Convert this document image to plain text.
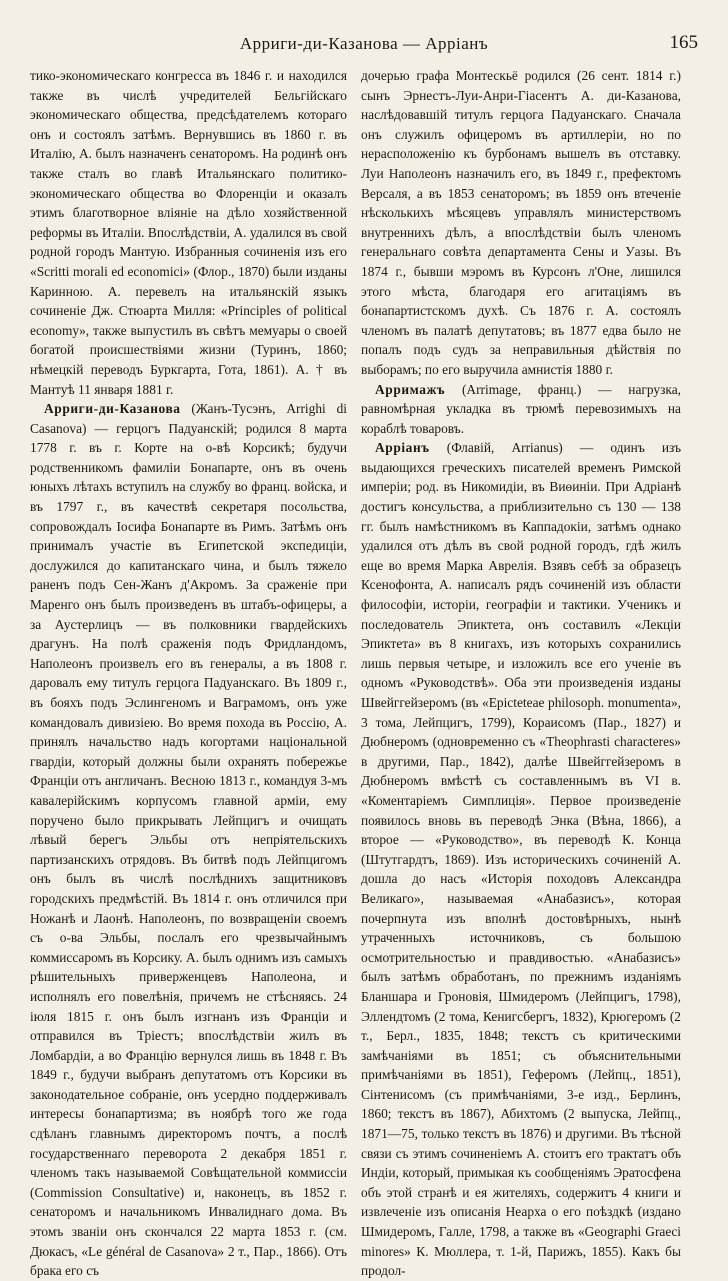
Арриги-ди-Казанова — Арріанъ	165

тико-экономическаго конгресса въ 1846 г. и находился также въ числѣ учредителей Бельгійскаго экономическаго общества, предсѣдателемъ котораго онъ и состоялъ затѣмъ. Вернувшись въ 1860 г. въ Италію, А. былъ назначенъ сенаторомъ. На родинѣ онъ также сталъ во главѣ Итальянскаго политико-экономическаго общества во Флоренціи и оказалъ этимъ благотворное вліяніе на дѣло хозяйственной реформы въ Италіи. Впослѣдствіи, А. удалился въ свой родной городъ Мантую. Избранныя сочиненія изъ его «Scritti morali ed economici» (Флор., 1870) были изданы Каринною. А. перевелъ на итальянскій языкъ сочиненіе Дж. Стюарта Милля: «Principles of political economy», также выпустилъ въ свѣтъ мемуары о своей богатой происшествіями жизни (Туринъ, 1860; нѣмецкій переводъ Буркгарта, Гота, 1861). А. † въ Мантуѣ 11 января 1881 г.

Арриги-ди-Казанова (Жанъ-Тусэнъ, Arrighi di Casanova) — герцогъ Падуанскій; родился 8 марта 1778 г. въ г. Корте на о-вѣ Корсикѣ; будучи родственникомъ фамиліи Бонапарте, онъ въ очень юныхъ лѣтахъ вступилъ на службу во франц. войска, и въ 1797 г., въ качествѣ секретаря посольства, сопровождалъ Іосифа Бонапарте въ Римъ. Затѣмъ онъ принималъ участіе въ Египетской экспедиціи, дослужился до капитанскаго чина, и былъ тяжело раненъ подъ Сен-Жанъ д'Акромъ. За сраженіе при Маренго онъ былъ произведенъ въ штабъ-офицеры, а за Аустерлицъ — въ полковники гвардейскихъ драгунъ. На полѣ сраженія подъ Фридландомъ, Наполеонъ произвелъ его въ генералы, а въ 1808 г. даровалъ ему титулъ герцога Падуанскаго. Въ 1809 г., въ бояхъ подъ Эслингеномъ и Ваграмомъ, онъ уже командовалъ дивизіею. Во время похода въ Россію, А. принялъ начальство надъ когортами національной гвардіи, который должны были охранять побережье Франціи отъ англичанъ. Весною 1813 г., командуя 3-мъ кавалерійскимъ корпусомъ главной арміи, ему поручено было прикрывать Лейпцигъ и очищать лѣвый берегъ Эльбы отъ непріятельскихъ партизанскихъ отрядовъ. Въ битвѣ подъ Лейпцигомъ онъ былъ въ числѣ послѣднихъ защитниковъ городскихъ предмѣстій. Въ 1814 г. онъ отличился при Ножанѣ и Лаонѣ. Наполеонъ, по возвращеніи своемъ съ о-ва Эльбы, послалъ его чрезвычайнымъ коммиссаромъ въ Корсику. А. былъ однимъ изъ самыхъ рѣшительныхъ приверженцевъ Наполеона, и исполнялъ его повелѣнія, причемъ не стѣсняясь. 24 іюля 1815 г. онъ былъ изгнанъ изъ Франціи и отправился въ Тріестъ; впослѣдствіи жилъ въ Ломбардіи, а во Францію вернулся лишь въ 1848 г. Въ 1849 г., будучи выбранъ депутатомъ отъ Корсики въ законодательное собраніе, онъ усердно поддерживалъ интересы бонапартизма; въ ноябрѣ того же года сдѣланъ главнымъ директоромъ почтъ, а послѣ государственнаго переворота 2 декабря 1851 г. членомъ такъ называемой Совѣщательной коммиссіи (Commission Consultative) и, наконецъ, въ 1852 г. сенаторомъ и начальникомъ Инвалиднаго дома. Въ этомъ званіи онъ скончался 22 марта 1853 г. (см. Дюкасъ, «Le général de Casanova» 2 т., Пар., 1866). Отъ брака его съ

дочерью графа Монтескьё родился (26 сент. 1814 г.) сынъ Эрнестъ-Луи-Анри-Гіасентъ А. ди-Казанова, наслѣдовавшій титулъ герцога Падуанскаго. Сначала онъ служилъ офицеромъ въ артиллеріи, но по нерасположенію къ бурбонамъ вышелъ въ отставку. Луи Наполеонъ назначилъ его, въ 1849 г., префектомъ Версаля, а въ 1853 сенаторомъ; въ 1859 онъ втеченіе нѣсколькихъ мѣсяцевъ управлялъ министерствомъ внутреннихъ дѣлъ, а впослѣдствіи былъ членомъ генеральнаго совѣта департамента Сены и Уазы. Въ 1874 г., бывши мэромъ въ Курсонъ л'Оне, лишился этого мѣста, благодаря его агитаціямъ въ бонапартистскомъ духѣ. Съ 1876 г. А. состоялъ членомъ въ палатѣ депутатовъ; въ 1877 едва было не попалъ подъ судъ за неправильныя дѣйствія по выборамъ; по его выручила амнистія 1880 г.

Арримажъ (Arrimage, франц.) — нагрузка, равномѣрная укладка въ трюмѣ перевозимыхъ на кораблѣ товаровъ.

Арріанъ (Флавій, Arrianus) — одинъ изъ выдающихся греческихъ писателей временъ Римской имперіи; род. въ Никомидіи, въ Виѳиніи. При Адріанѣ достигъ консульства, а приблизительно съ 130 — 138 гг. былъ намѣстникомъ въ Каппадокіи, затѣмъ однако удалился отъ дѣлъ въ свой родной городъ, гдѣ жилъ еще во время Марка Аврелія. Взявъ себѣ за образецъ Ксенофонта, А. написалъ рядъ сочиненій изъ области философіи, исторіи, географіи и тактики. Ученикъ и последователь Эпиктета, онъ составилъ «Лекціи Эпиктета» въ 8 книгахъ, изъ которыхъ сохранились лишь первыя четыре, и изложилъ все его ученіе въ одномъ «Руководствѣ». Оба эти произведенія изданы Швейггейзеромъ (въ «Epictetеae philosoph. monumenta», 3 тома, Лейпцигъ, 1799), Кораисомъ (Пар., 1827) и Дюбнеромъ (одновременно съ «Theophrasti characteres» в другими, Пар., 1842), далѣе Швейггейзеромъ в Дюбнеромъ вмѣстѣ съ составленнымъ въ VI в. «Коментаріемъ Симплиція». Первое произведеніе появилось вновь въ переводѣ Энка (Вѣна, 1866), а второе — «Руководство», въ переводѣ К. Конца (Штутгардтъ, 1869). Изъ историческихъ сочиненій А. дошла до насъ «Исторія походовъ Александра Великаго», называемая «Анабазисъ», которая почерпнута изъ вполнѣ достовѣрныхъ, нынѣ утраченныхъ источниковъ, съ большою осмотрительностью и правдивостью. «Анабазисъ» былъ затѣмъ обработанъ, по прежнимъ изданіямъ Бланшара и Гроновія, Шмидеромъ (Лейпцигъ, 1798), Эллендтомъ (2 тома, Кенигсбергъ, 1832), Крюгеромъ (2 т., Берл., 1835, 1848; текстъ съ критическими замѣчаніями въ 1851; съ объяснительными примѣчаніями въ 1851), Геферомъ (Лейпц., 1851), Сінтенисомъ (съ примѣчаніями, 3-е изд., Берлинъ, 1860; текстъ въ 1867), Абихтомъ (2 выпуска, Лейпц., 1871—75, только текстъ въ 1876) и другими. Въ тѣсной связи съ этимъ сочиненіемъ А. стоитъ его трактатъ объ Индіи, который, примыкая къ сообщеніямъ Эратосфена объ этой странѣ и ея жителяхъ, содержитъ 4 книги и извлеченіе изъ описанія Неарха о его поѣздкѣ (издано Шмидеромъ, Галле, 1798, а также въ «Geographi Graeci minores» К. Мюллера, т. 1-й, Парижъ, 1855). Какъ бы продол-
